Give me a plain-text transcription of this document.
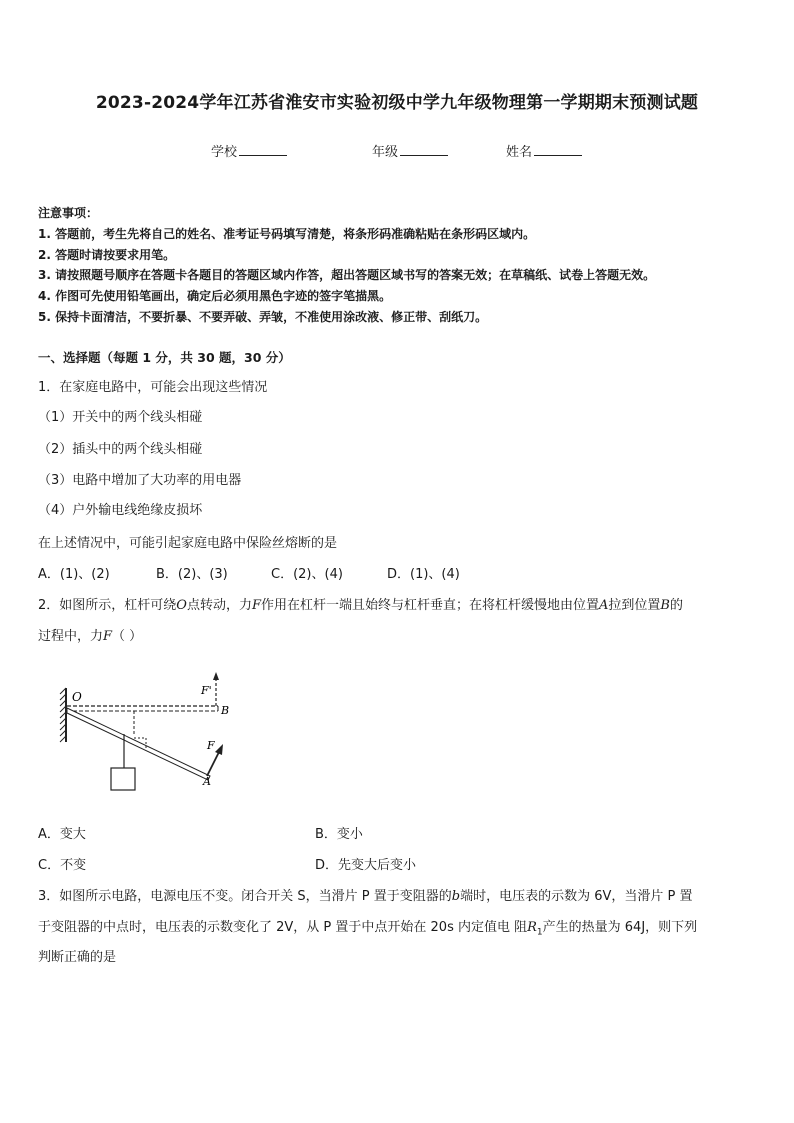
2023-2024学年江苏省淮安市实验初级中学九年级物理第一学期期末预测试题
学校	年级	姓名
注意事项：
1. 答题前，考生先将自己的姓名、准考证号码填写清楚，将条形码准确粘贴在条形码区域内。
2. 答题时请按要求用笔。
3. 请按照题号顺序在答题卡各题目的答题区域内作答，超出答题区域书写的答案无效；在草稿纸、试卷上答题无效。
4. 作图可先使用铅笔画出，确定后必须用黑色字迹的签字笔描黑。
5. 保持卡面清洁，不要折暴、不要弄破、弄皱，不准使用涂改液、修正带、刮纸刀。
一、选择题（每题 1 分，共 30 题，30 分）
1．在家庭电路中，可能会出现这些情况
（1）开关中的两个线头相碰
（2）插头中的两个线头相碰
（3）电路中增加了大功率的用电器
（4）户外输电线绝缘皮损坏
在上述情况中，可能引起家庭电路中保险丝熔断的是
A．(1)、(2)	B．(2)、(3)	C．(2)、(4)	D．(1)、(4)
2．如图所示，杠杆可绕O点转动，力F作用在杠杆一端且始终与杠杆垂直；在将杠杆缓慢地由位置A拉到位置B的
过程中，力F（ ）
O	F'
B
F
A
A．变大	B．变小
C．不变	D．先变大后变小
3．如图所示电路，电源电压不变。闭合开关 S，当滑片 P 置于变阻器的b端时，电压表的示数为 6V，当滑片 P 置
于变阻器的中点时，电压表的示数变化了 2V，从 P 置于中点开始在 20s 内定值电 阻$R_1$产生的热量为 64J，则下列
判断正确的是
